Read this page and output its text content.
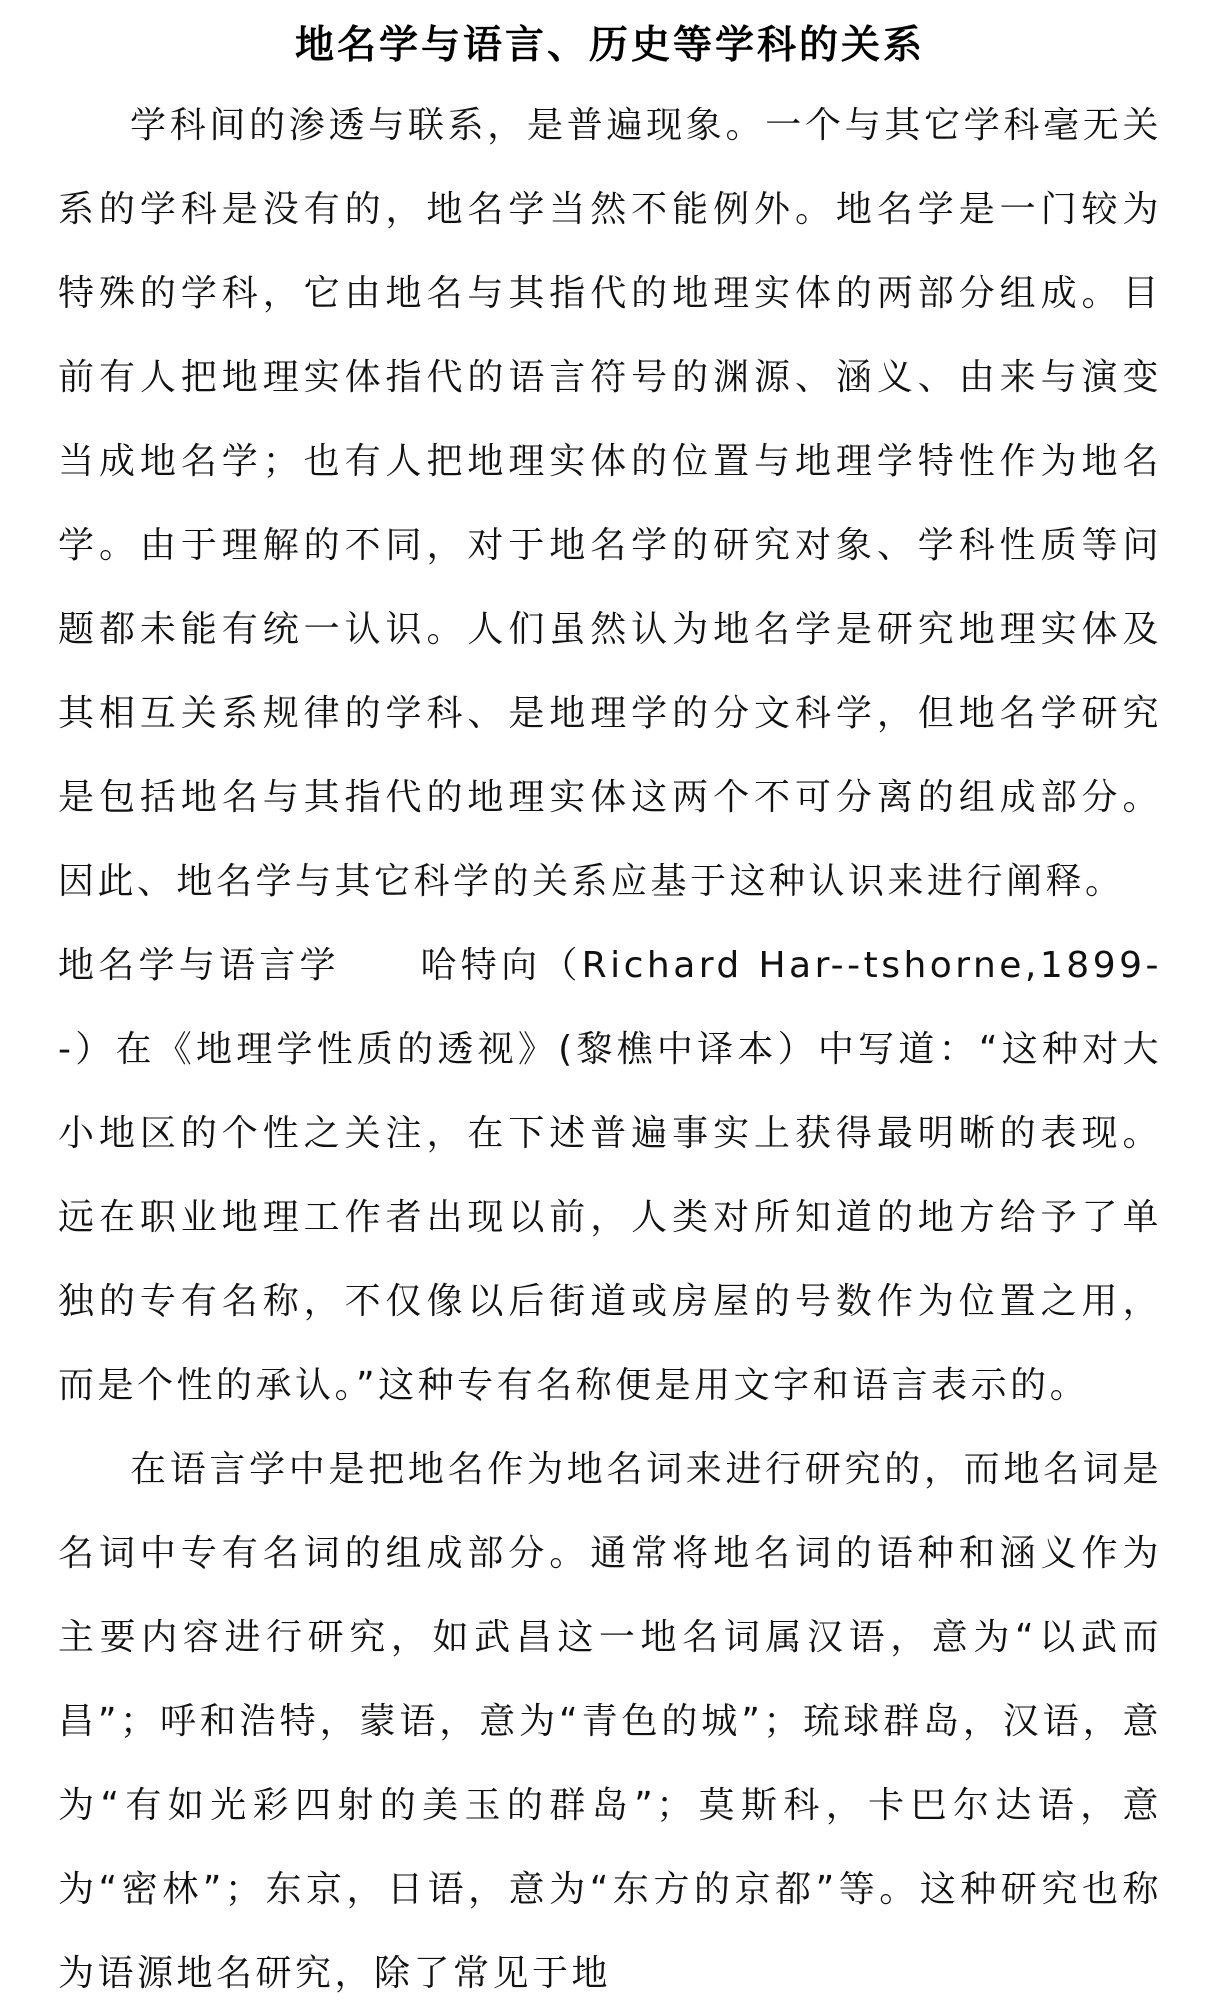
地名学与语言、历史等学科的关系

学科间的渗透与联系，是普遍现象。一个与其它学科毫无关系的学科是没有的，地名学当然不能例外。地名学是一门较为特殊的学科，它由地名与其指代的地理实体的两部分组成。目前有人把地理实体指代的语言符号的渊源、涵义、由来与演变当成地名学；也有人把地理实体的位置与地理学特性作为地名学。由于理解的不同，对于地名学的研究对象、学科性质等问题都未能有统一认识。人们虽然认为地名学是研究地理实体及其相互关系规律的学科、是地理学的分文科学，但地名学研究是包括地名与其指代的地理实体这两个不可分离的组成部分。因此、地名学与其它科学的关系应基于这种认识来进行阐释。

地名学与语言学 哈特向（Richard Har--tshorne,1899--）在《地理学性质的透视》(黎樵中译本）中写道：“这种对大小地区的个性之关注，在下述普遍事实上获得最明晰的表现。远在职业地理工作者出现以前，人类对所知道的地方给予了单独的专有名称，不仅像以后街道或房屋的号数作为位置之用，而是个性的承认。”这种专有名称便是用文字和语言表示的。

在语言学中是把地名作为地名词来进行研究的，而地名词是名词中专有名词的组成部分。通常将地名词的语种和涵义作为主要内容进行研究，如武昌这一地名词属汉语，意为“以武而昌”；呼和浩特，蒙语，意为“青色的城”；琉球群岛，汉语，意为“有如光彩四射的美玉的群岛”；莫斯科，卡巴尔达语，意为“密林”；东京，日语，意为“东方的京都”等。这种研究也称为语源地名研究，除了常见于地
